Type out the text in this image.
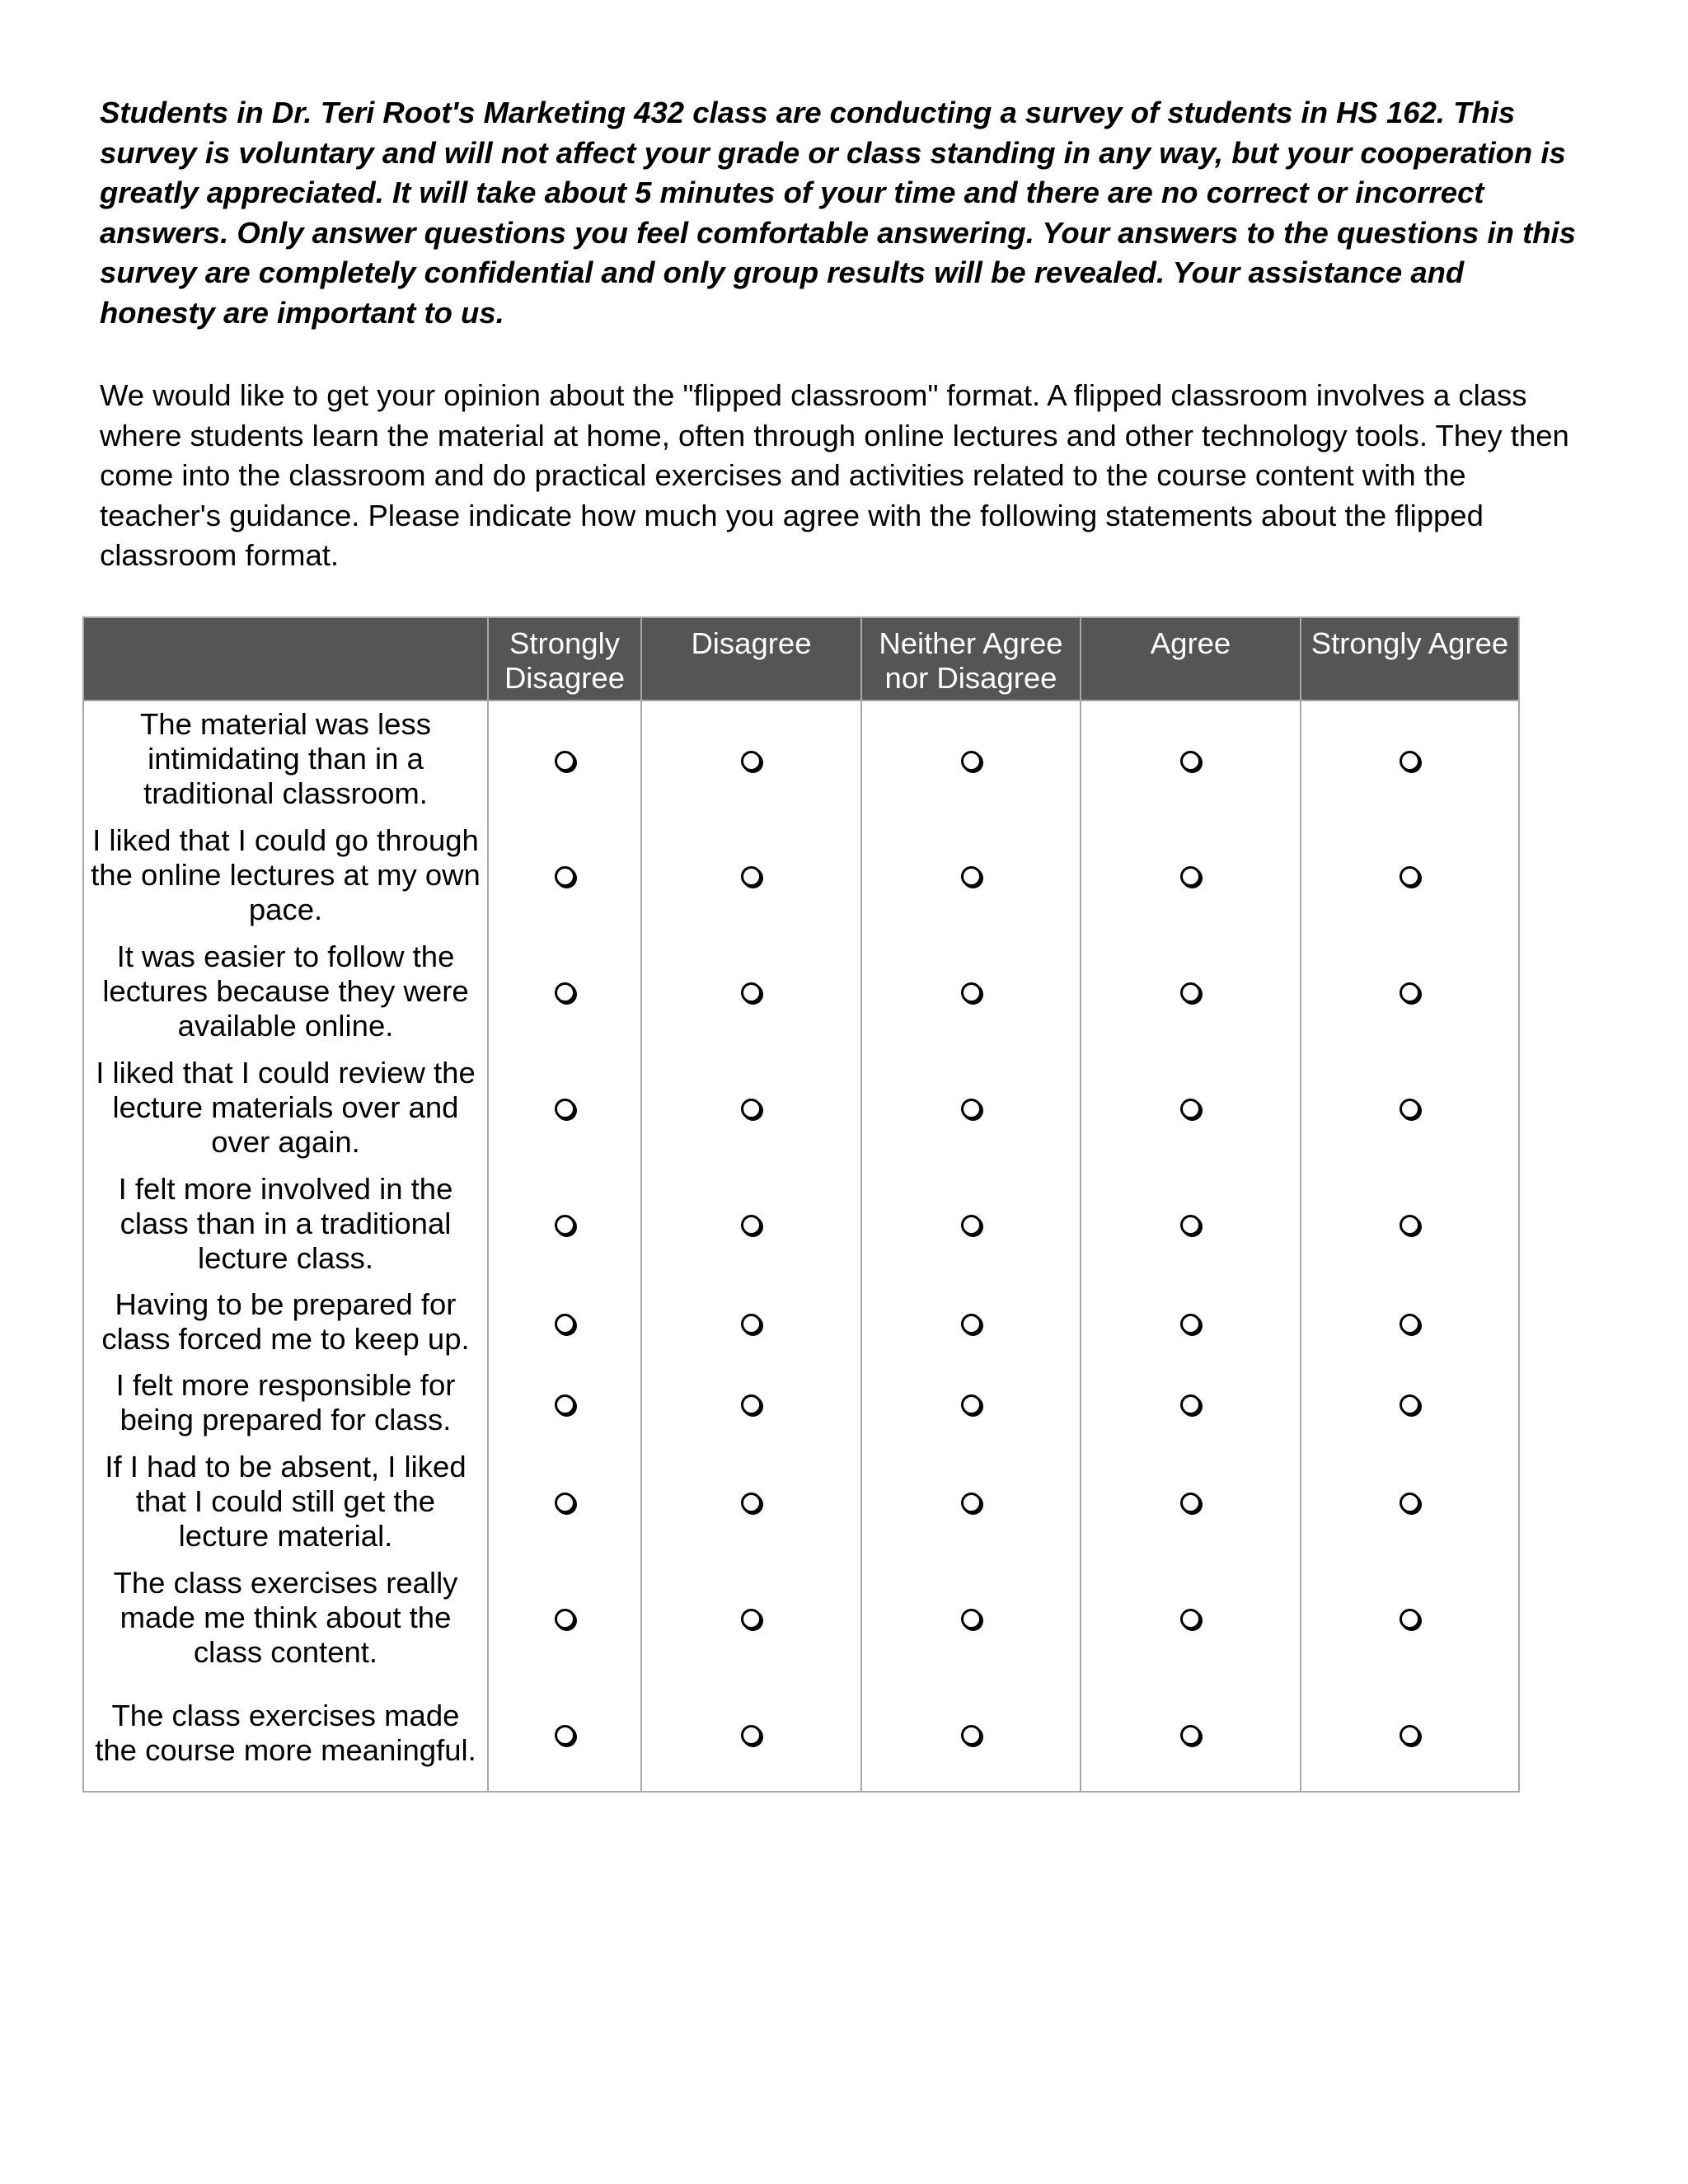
Students in Dr. Teri Root's Marketing 432 class are conducting a survey of students in HS 162. This survey is voluntary and will not affect your grade or class standing in any way, but your cooperation is greatly appreciated. It will take about 5 minutes of your time and there are no correct or incorrect answers. Only answer questions you feel comfortable answering. Your answers to the questions in this survey are completely confidential and only group results will be revealed. Your assistance and honesty are important to us.

We would like to get your opinion about the "flipped classroom" format. A flipped classroom involves a class where students learn the material at home, often through online lectures and other technology tools. They then come into the classroom and do practical exercises and activities related to the course content with the teacher's guidance. Please indicate how much you agree with the following statements about the flipped classroom format.

	Strongly Disagree	Disagree	Neither Agree nor Disagree	Agree	Strongly Agree
The material was less intimidating than in a traditional classroom.					
I liked that I could go through the online lectures at my own pace.					
It was easier to follow the lectures because they were available online.					
I liked that I could review the lecture materials over and over again.					
I felt more involved in the class than in a traditional lecture class.					
Having to be prepared for class forced me to keep up.					
I felt more responsible for being prepared for class.					
If I had to be absent, I liked that I could still get the lecture material.					
The class exercises really made me think about the class content.					
The class exercises made the course more meaningful.					
